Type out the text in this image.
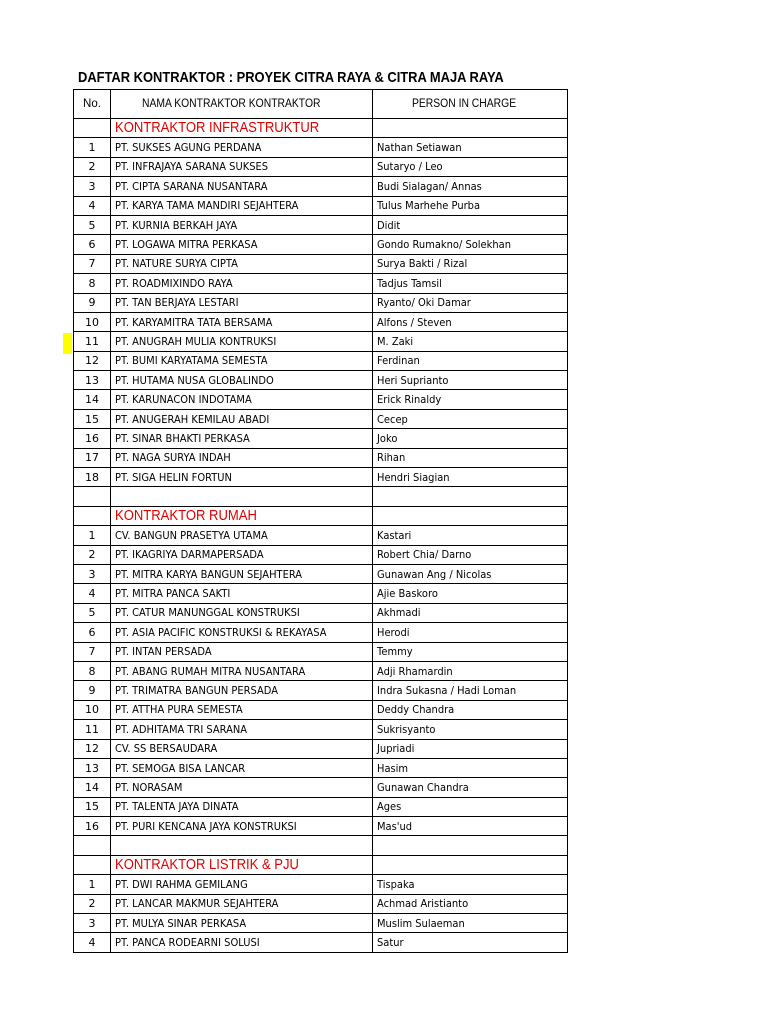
DAFTAR KONTRAKTOR : PROYEK CITRA RAYA & CITRA MAJA RAYA
No.	NAMA KONTRAKTOR KONTRAKTOR	PERSON IN CHARGE
	KONTRAKTOR INFRASTRUKTUR	
1	PT. SUKSES AGUNG PERDANA	Nathan Setiawan
2	PT. INFRAJAYA SARANA SUKSES	Sutaryo / Leo
3	PT. CIPTA SARANA NUSANTARA	Budi Sialagan/ Annas
4	PT. KARYA TAMA MANDIRI SEJAHTERA	Tulus Marhehe Purba
5	PT. KURNIA BERKAH JAYA	Didit
6	PT. LOGAWA MITRA PERKASA	Gondo Rumakno/ Solekhan
7	PT. NATURE SURYA CIPTA	Surya Bakti / Rizal
8	PT. ROADMIXINDO RAYA	Tadjus Tamsil
9	PT. TAN BERJAYA LESTARI	Ryanto/ Oki Damar
10	PT. KARYAMITRA TATA BERSAMA	Alfons / Steven
11	PT. ANUGRAH MULIA KONTRUKSI	M. Zaki
12	PT. BUMI KARYATAMA SEMESTA	Ferdinan
13	PT. HUTAMA NUSA GLOBALINDO	Heri Suprianto
14	PT. KARUNACON INDOTAMA	Erick Rinaldy
15	PT. ANUGERAH KEMILAU ABADI	Cecep
16	PT. SINAR BHAKTI PERKASA	Joko
17	PT. NAGA SURYA INDAH	Rihan
18	PT. SIGA HELIN FORTUN	Hendri Siagian

	KONTRAKTOR RUMAH	
1	CV. BANGUN PRASETYA UTAMA	Kastari
2	PT. IKAGRIYA DARMAPERSADA	Robert Chia/ Darno
3	PT. MITRA KARYA BANGUN SEJAHTERA	Gunawan Ang / Nicolas
4	PT. MITRA PANCA SAKTI	Ajie Baskoro
5	PT. CATUR MANUNGGAL KONSTRUKSI	Akhmadi
6	PT. ASIA PACIFIC KONSTRUKSI & REKAYASA	Herodi
7	PT. INTAN PERSADA	Temmy
8	PT. ABANG RUMAH MITRA NUSANTARA	Adji Rhamardin
9	PT. TRIMATRA BANGUN PERSADA	Indra Sukasna / Hadi Loman
10	PT. ATTHA PURA SEMESTA	Deddy Chandra
11	PT. ADHITAMA TRI SARANA	Sukrisyanto
12	CV. SS BERSAUDARA	Jupriadi
13	PT. SEMOGA BISA LANCAR	Hasim
14	PT. NORASAM	Gunawan Chandra
15	PT. TALENTA JAYA DINATA	Ages
16	PT. PURI KENCANA JAYA KONSTRUKSI	Mas'ud

	KONTRAKTOR LISTRIK & PJU	
1	PT. DWI RAHMA GEMILANG	Tispaka
2	PT. LANCAR MAKMUR SEJAHTERA	Achmad Aristianto
3	PT. MULYA SINAR PERKASA	Muslim Sulaeman
4	PT. PANCA RODEARNI SOLUSI	Satur
